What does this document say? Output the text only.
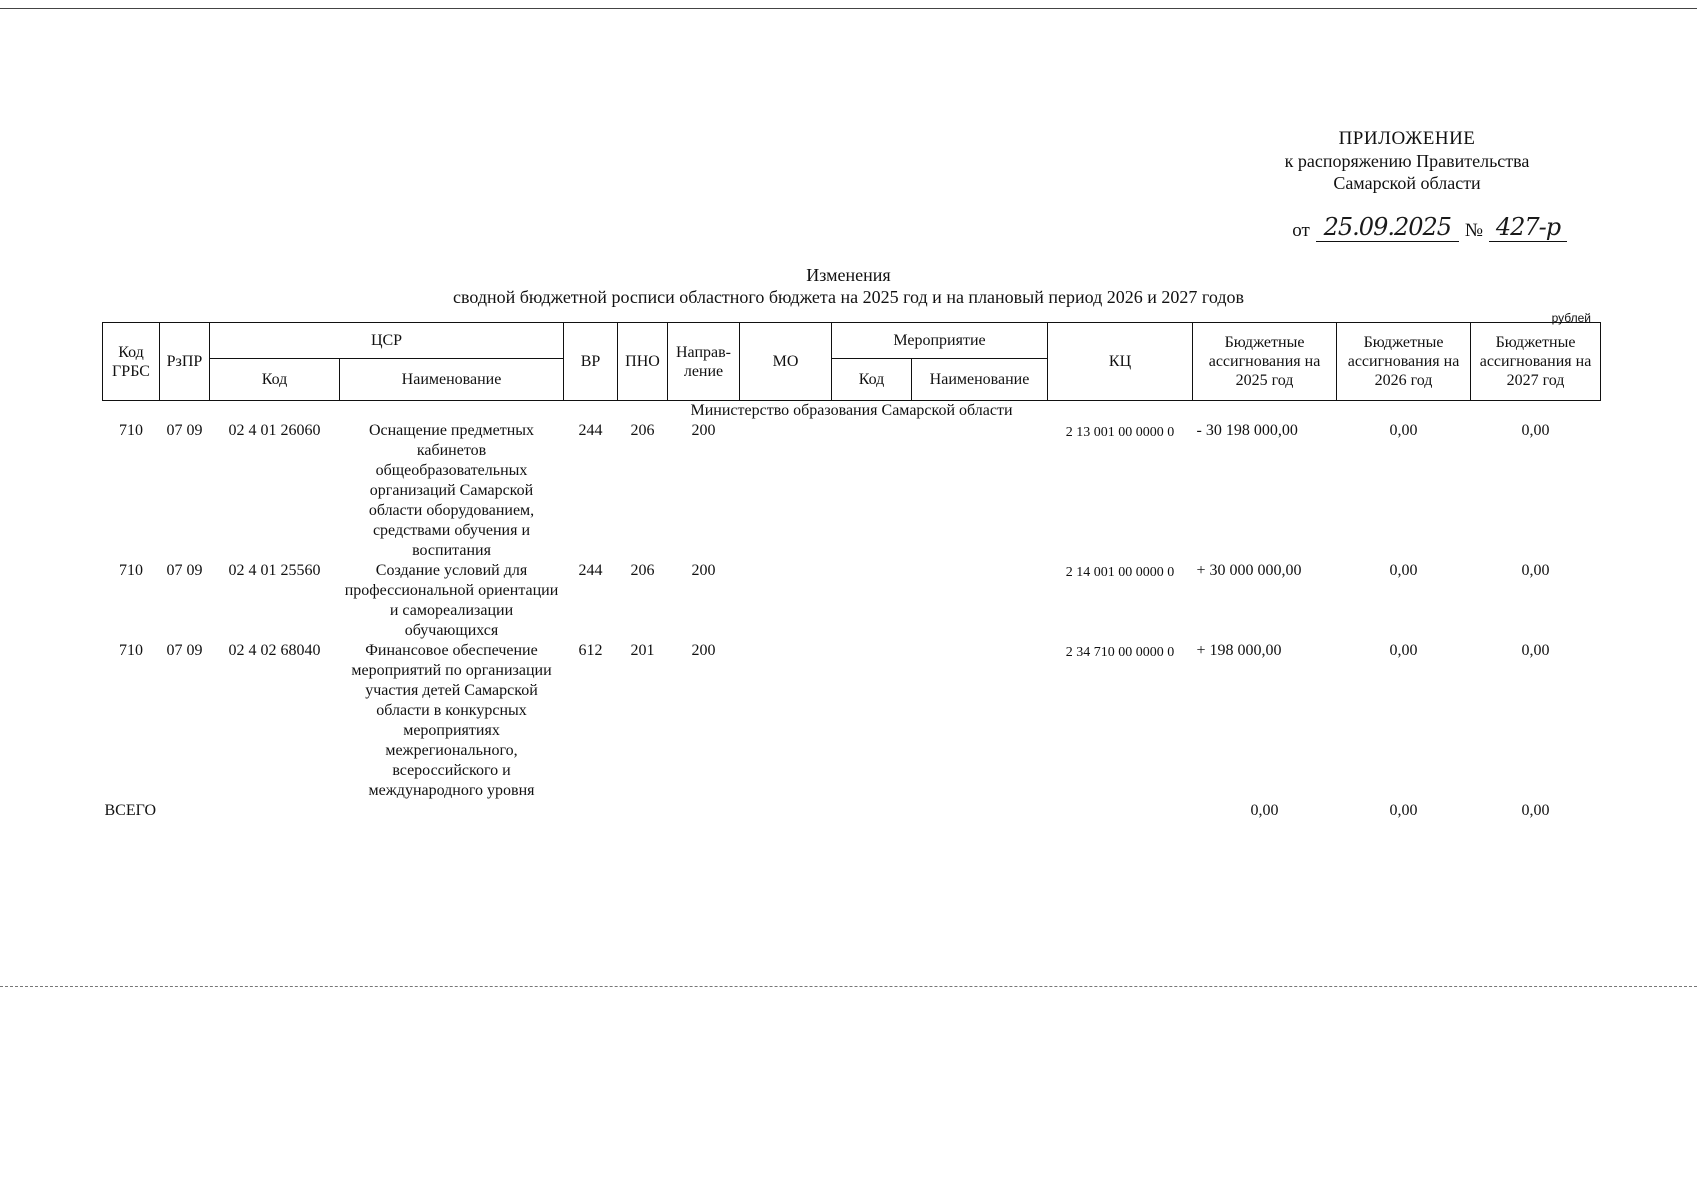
ПРИЛОЖЕНИЕ
к распоряжению Правительства
Самарской области
от 25.09.2025 № 427-р
Изменения
сводной бюджетной росписи областного бюджета на 2025 год и на плановый период 2026 и 2027 годов
рублей
Код ГРБС	РзПР	ЦСР		ВР	ПНО	Направ-ление	МО	Мероприятие		КЦ	Бюджетные ассигнования на 2025 год	Бюджетные ассигнования на 2026 год	Бюджетные ассигнования на 2027 год
		Код	Наименование					Код	Наименование				
Министерство образования Самарской области													
710	07 09	02 4 01 26060	Оснащение предметных кабинетов общеобразовательных организаций Самарской области оборудованием, средствами обучения и воспитания	244	206	200				2 13 001 00 0000 0	- 30 198 000,00	0,00	0,00
710	07 09	02 4 01 25560	Создание условий для профессиональной ориентации и самореализации обучающихся	244	206	200				2 14 001 00 0000 0	+ 30 000 000,00	0,00	0,00
710	07 09	02 4 02 68040	Финансовое обеспечение мероприятий по организации участия детей Самарской области в конкурсных мероприятиях межрегионального, всероссийского и международного уровня	612	201	200				2 34 710 00 0000 0	+ 198 000,00	0,00	0,00
ВСЕГО											0,00	0,00	0,00
